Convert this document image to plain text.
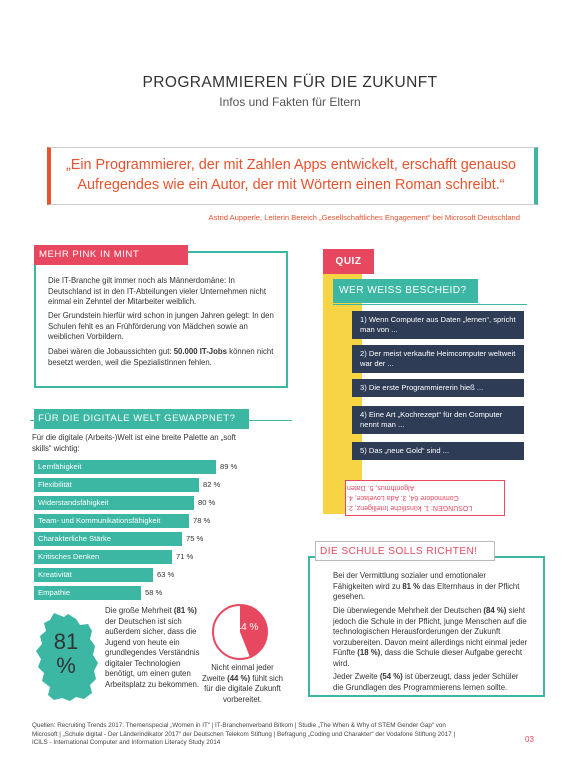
PROGRAMMIEREN FÜR DIE ZUKUNFT
Infos und Fakten für Eltern
„Ein Programmierer, der mit Zahlen Apps entwickelt, erschafft genauso
Aufregendes wie ein Autor, der mit Wörtern einen Roman schreibt.“
Astrid Aupperle, Leiterin Bereich „Gesellschaftliches Engagement“ bei Microsoft Deutschland
MEHR PINK IN MINT
Die IT-Branche gilt immer noch als Männerdomäne: In Deutschland ist in den IT-Abteilungen vieler Unternehmen nicht einmal ein Zehntel der Mitarbeiter weiblich.
Der Grundstein hierfür wird schon in jungen Jahren gelegt: In den Schulen fehlt es an Frühförderung von Mädchen sowie an weiblichen Vorbildern.
Dabei wären die Jobaussichten gut: 50.000 IT-Jobs können nicht besetzt werden, weil die SpezialistInnen fehlen.
FÜR DIE DIGITALE WELT GEWAPPNET?
Für die digitale (Arbeits-)Welt ist eine breite Palette an „soft skills“ wichtig:
Lernfähigkeit	89 %
Flexibilität	82 %
Widerstandsfähigkeit	80 %
Team- und Kommunikationsfähigkeit	78 %
Charakterliche Stärke	75 %
Kritisches Denken	71 %
Kreativität	63 %
Empathie	58 %
81 %
Die große Mehrheit (81 %) der Deutschen ist sich außerdem sicher, dass die Jugend von heute ein grundlegendes Verständnis digitaler Technologien benötigt, um einen guten Arbeitsplatz zu bekommen.
44 %
Nicht einmal jeder Zweite (44 %) fühlt sich für die digitale Zukunft vorbereitet.
QUIZ
WER WEISS BESCHEID?
1) Wenn Computer aus Daten „lernen“, spricht man von ...
2) Der meist verkaufte Heimcomputer weltweit war der ...
3) Die erste Programmiererin hieß ...
4) Eine Art „Kochrezept“ für den Computer nennt man ...
5) Das „neue Gold“ sind ...
LÖSUNGEN: 1. künstliche Intelligenz, 2. Commodore 64, 3. Ada Lovelace, 4. Algorithmus, 5. Daten
DIE SCHULE SOLLS RICHTEN!
Bei der Vermittlung sozialer und emotionaler Fähigkeiten wird zu 81 % das Elternhaus in der Pflicht gesehen.
Die überwiegende Mehrheit der Deutschen (84 %) sieht jedoch die Schule in der Pflicht, junge Menschen auf die technologischen Herausforderungen der Zukunft vorzubereiten. Davon meint allerdings nicht einmal jeder Fünfte (18 %), dass die Schule dieser Aufgabe gerecht wird.
Jeder Zweite (54 %) ist überzeugt, dass jeder Schüler die Grundlagen des Programmierens lernen sollte.
Quellen: Recruiting Trends 2017: Themenspecial „Women in IT“ | IT-Branchenverband Bitkom | Studie „The When & Why of STEM Gender Gap“ von Microsoft | „Schule digital - Der Länderindikator 2017“ der Deutschen Telekom Stiftung | Befragung „Coding und Charakter“ der Vodafone Stiftung 2017 | ICILS - International Computer and Information Literacy Study 2014	03
